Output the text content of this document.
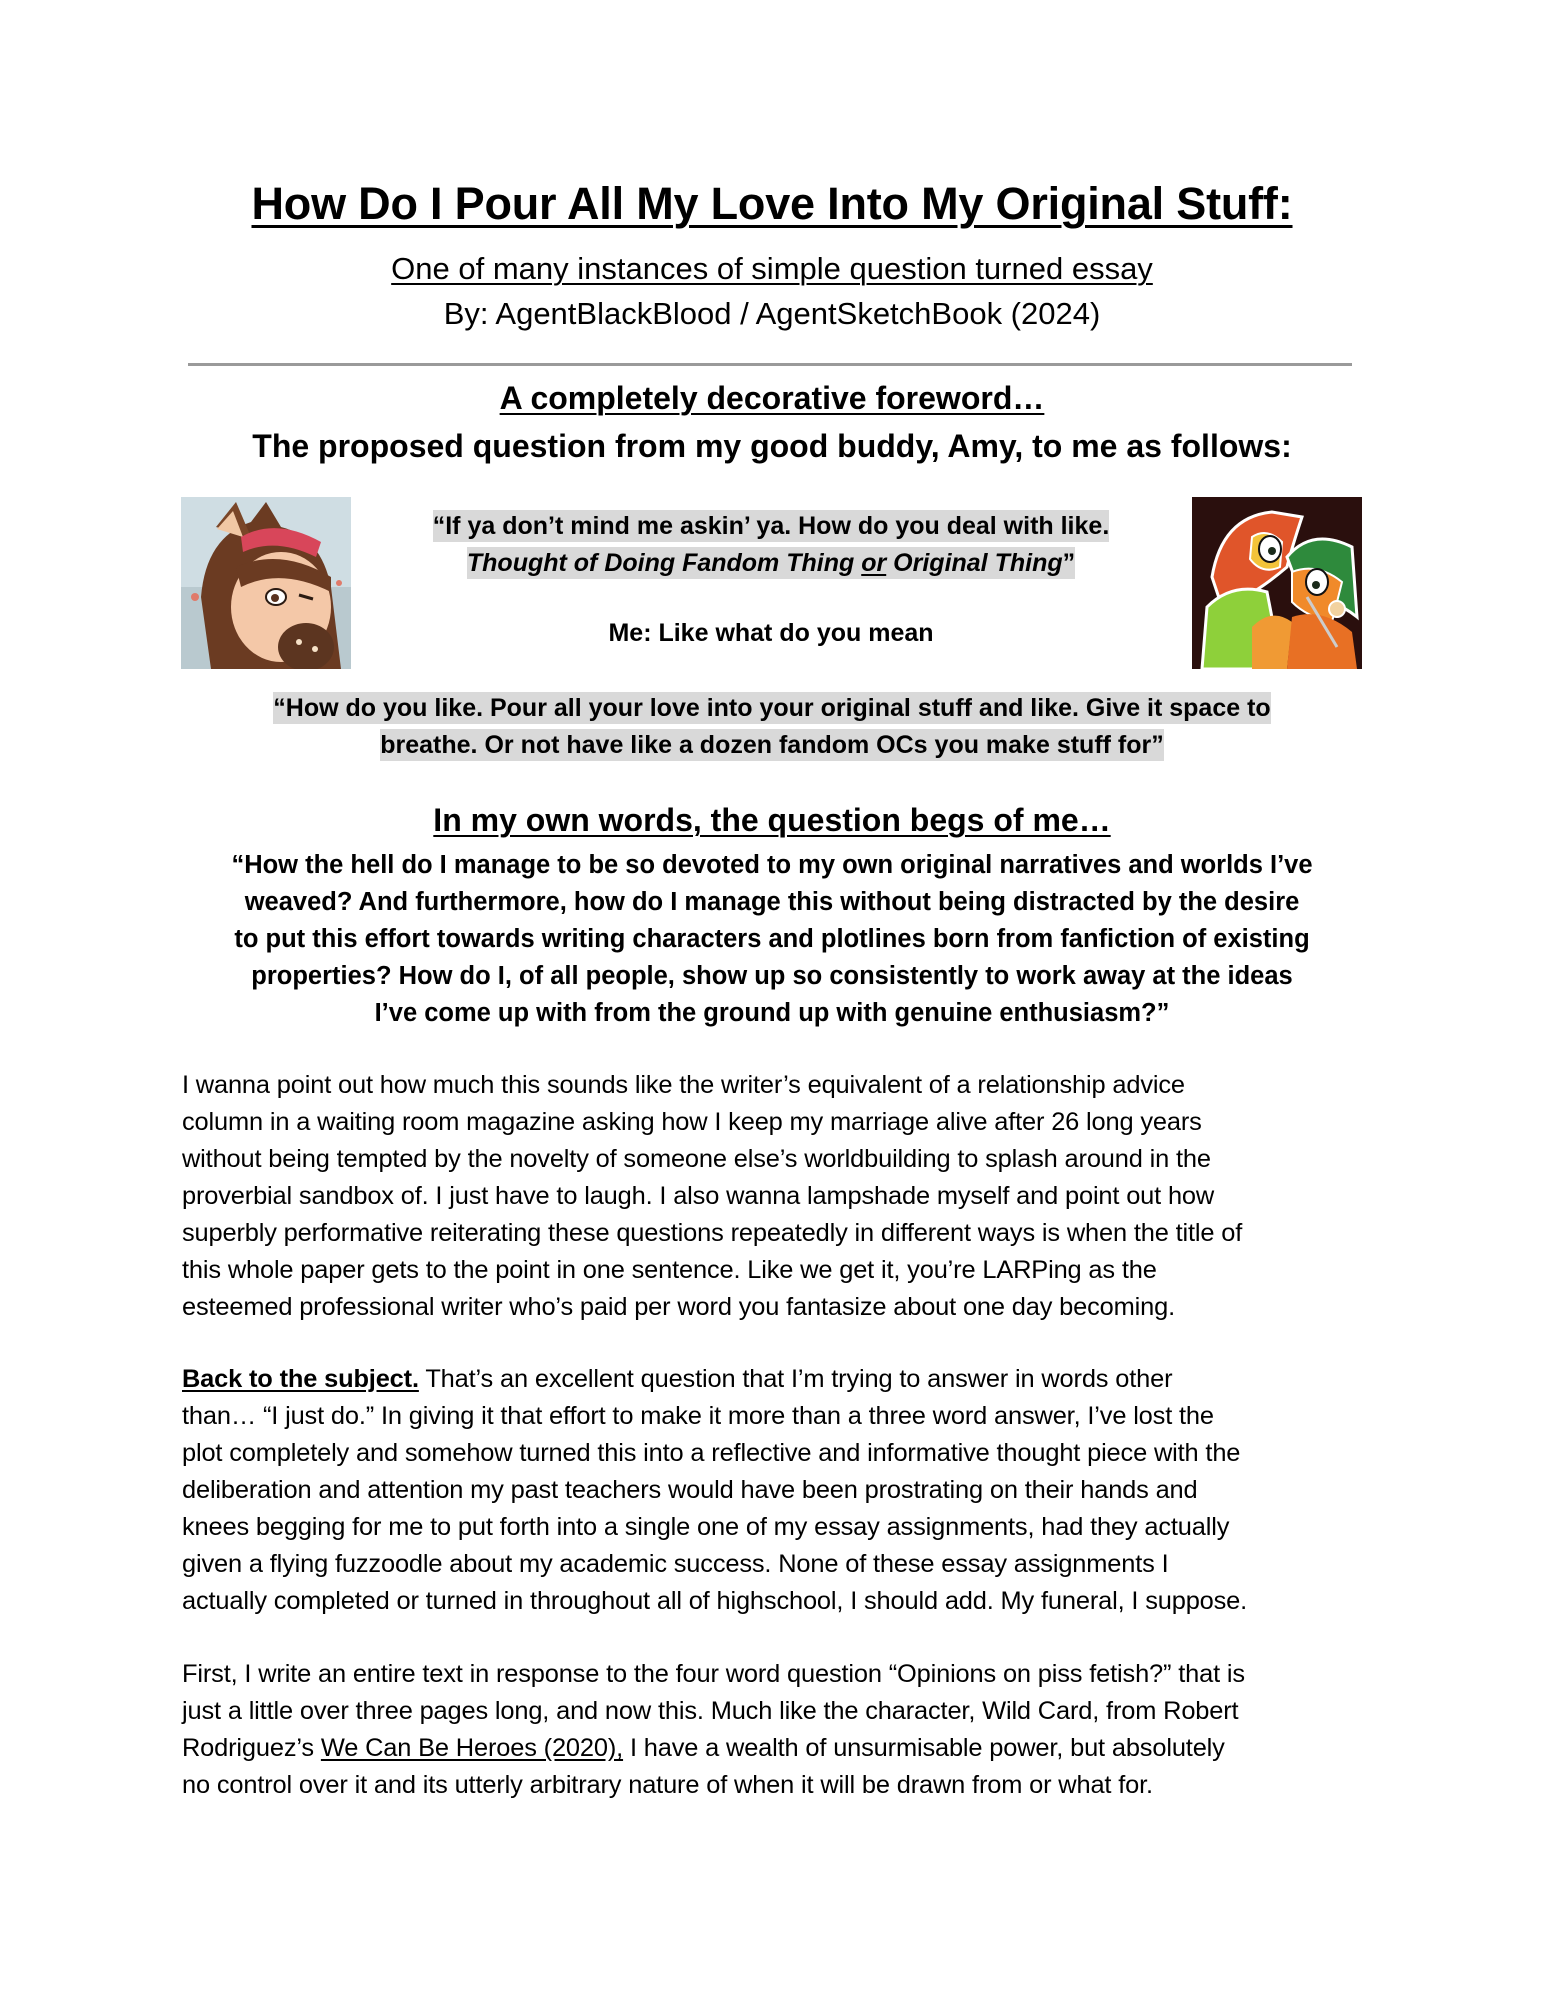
How Do I Pour All My Love Into My Original Stuff:
One of many instances of simple question turned essay
By: AgentBlackBlood / AgentSketchBook (2024)
A completely decorative foreword…
The proposed question from my good buddy, Amy, to me as follows:
“If ya don’t mind me askin’ ya. How do you deal with like.
Thought of Doing Fandom Thing or Original Thing”
Me: Like what do you mean
“How do you like. Pour all your love into your original stuff and like. Give it space to
breathe. Or not have like a dozen fandom OCs you make stuff for”
In my own words, the question begs of me…
“How the hell do I manage to be so devoted to my own original narratives and worlds I’ve
weaved? And furthermore, how do I manage this without being distracted by the desire
to put this effort towards writing characters and plotlines born from fanfiction of existing
properties? How do I, of all people, show up so consistently to work away at the ideas
I’ve come up with from the ground up with genuine enthusiasm?”
I wanna point out how much this sounds like the writer’s equivalent of a relationship advice
column in a waiting room magazine asking how I keep my marriage alive after 26 long years
without being tempted by the novelty of someone else’s worldbuilding to splash around in the
proverbial sandbox of. I just have to laugh. I also wanna lampshade myself and point out how
superbly performative reiterating these questions repeatedly in different ways is when the title of
this whole paper gets to the point in one sentence. Like we get it, you’re LARPing as the
esteemed professional writer who’s paid per word you fantasize about one day becoming.
Back to the subject. That’s an excellent question that I’m trying to answer in words other
than… “I just do.” In giving it that effort to make it more than a three word answer, I’ve lost the
plot completely and somehow turned this into a reflective and informative thought piece with the
deliberation and attention my past teachers would have been prostrating on their hands and
knees begging for me to put forth into a single one of my essay assignments, had they actually
given a flying fuzzoodle about my academic success. None of these essay assignments I
actually completed or turned in throughout all of highschool, I should add. My funeral, I suppose.
First, I write an entire text in response to the four word question “Opinions on piss fetish?” that is
just a little over three pages long, and now this. Much like the character, Wild Card, from Robert
Rodriguez’s We Can Be Heroes (2020), I have a wealth of unsurmisable power, but absolutely
no control over it and its utterly arbitrary nature of when it will be drawn from or what for.
